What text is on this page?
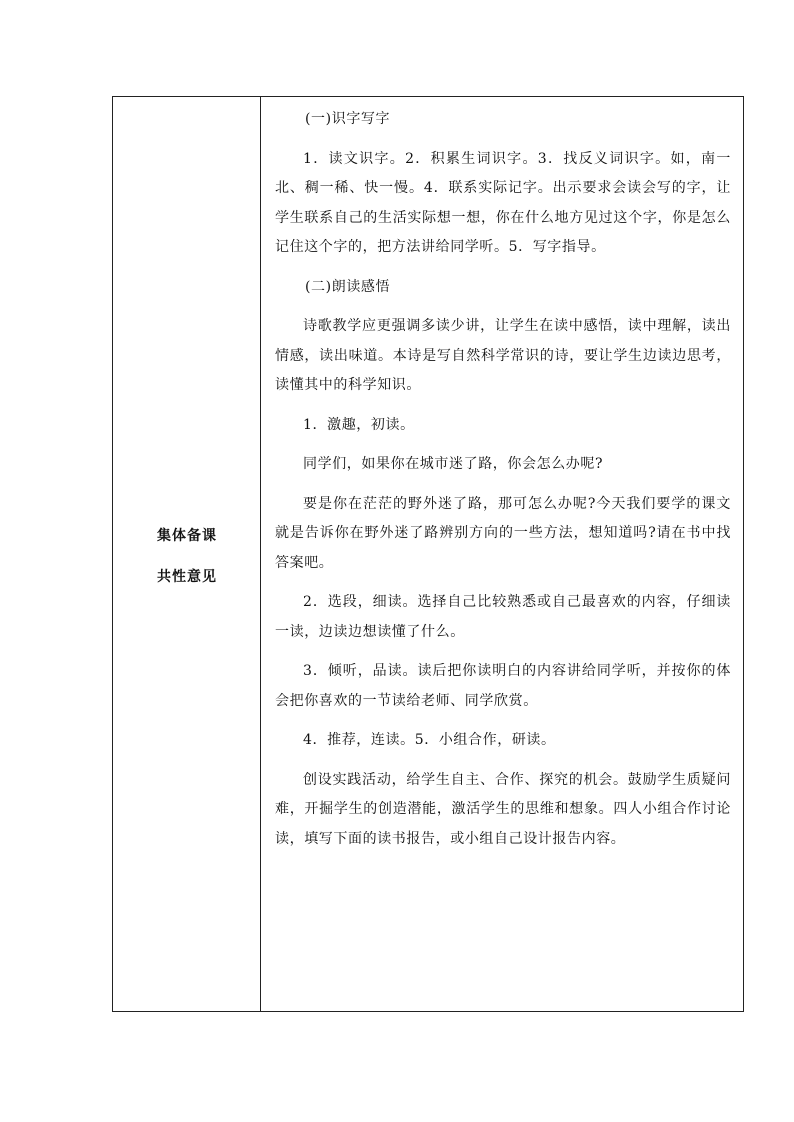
集体备课
共性意见

(一)识字写字

1．读文识字。2．积累生词识字。3．找反义词识字。如，南一北、稠一稀、快一慢。4．联系实际记字。出示要求会读会写的字，让学生联系自己的生活实际想一想，你在什么地方见过这个字，你是怎么记住这个字的，把方法讲给同学听。5．写字指导。

(二)朗读感悟

诗歌教学应更强调多读少讲，让学生在读中感悟，读中理解，读出情感，读出味道。本诗是写自然科学常识的诗，要让学生边读边思考，读懂其中的科学知识。

1．激趣，初读。

同学们，如果你在城市迷了路，你会怎么办呢?

要是你在茫茫的野外迷了路，那可怎么办呢?今天我们要学的课文就是告诉你在野外迷了路辨别方向的一些方法，想知道吗?请在书中找答案吧。

2．选段，细读。选择自己比较熟悉或自己最喜欢的内容，仔细读一读，边读边想读懂了什么。

3．倾听，品读。读后把你读明白的内容讲给同学听，并按你的体会把你喜欢的一节读给老师、同学欣赏。

4．推荐，连读。5．小组合作，研读。

创设实践活动，给学生自主、合作、探究的机会。鼓励学生质疑问难，开掘学生的创造潜能，激活学生的思维和想象。四人小组合作讨论读，填写下面的读书报告，或小组自己设计报告内容。
